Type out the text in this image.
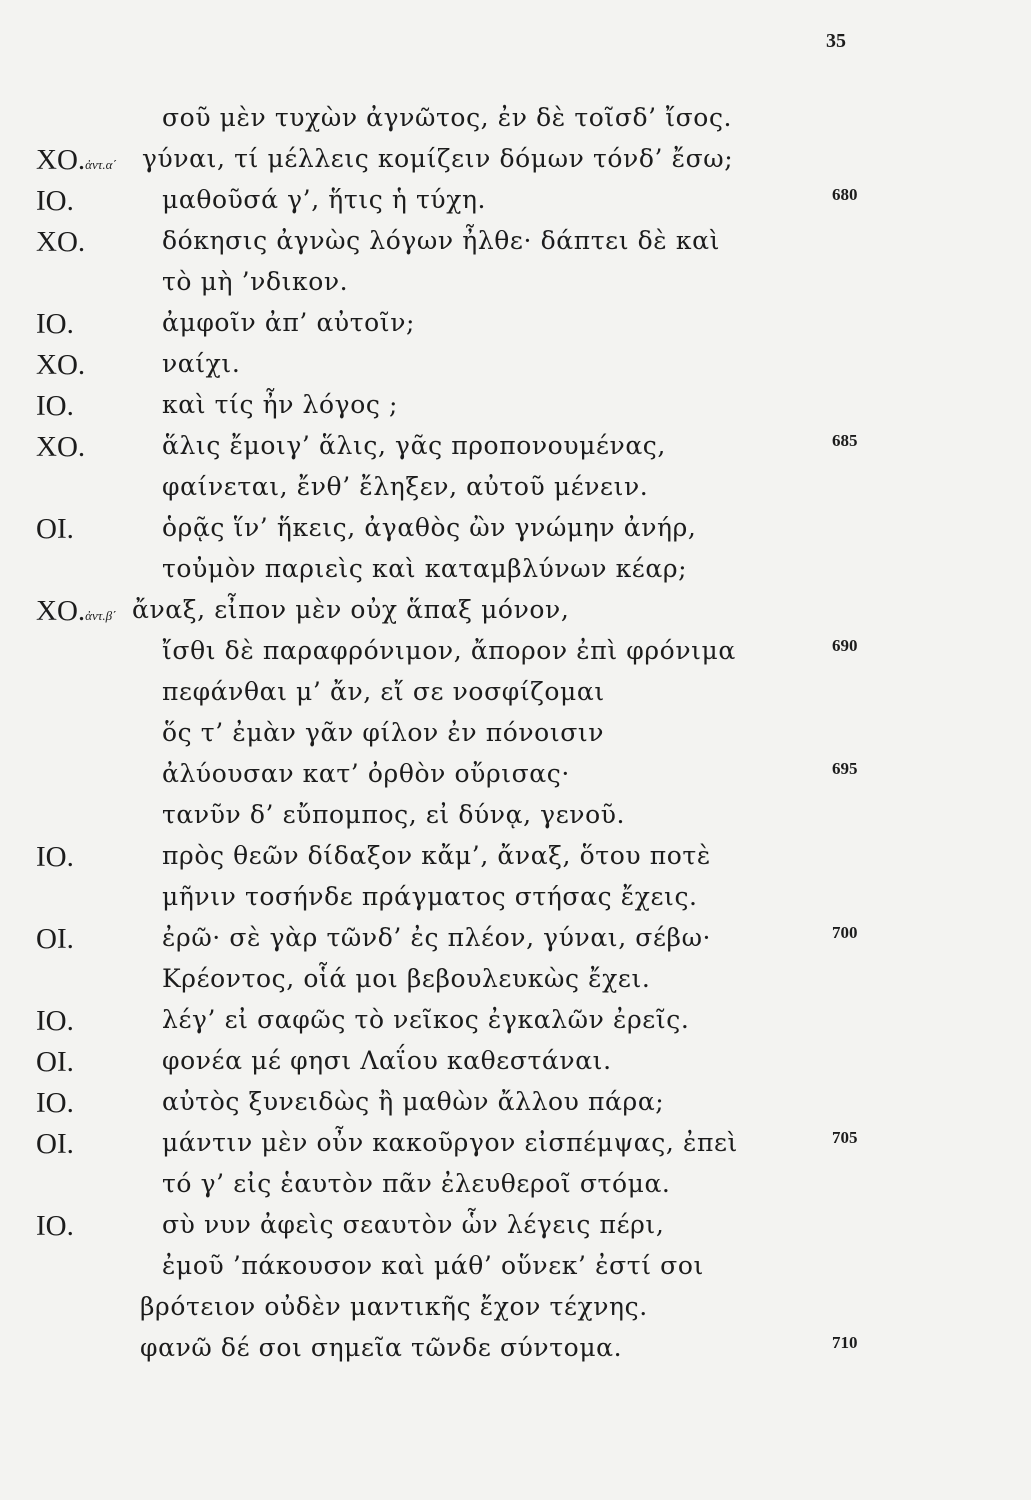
35
σοῦ μὲν τυχὼν ἀγνῶτος, ἐν δὲ τοῖσδ’ ἴσος.
ΧΟ.ἀντ.α΄ γύναι, τί μέλλεις κομίζειν δόμων τόνδ’ ἔσω;
ΙΟ.	μαθοῦσά γ’, ἥτις ἡ τύχη.	680
ΧΟ.	δόκησις ἀγνὼς λόγων ἦλθε· δάπτει δὲ καὶ
τὸ μὴ ’νδικον.
ΙΟ.	ἀμφοῖν ἀπ’ αὐτοῖν;
ΧΟ.	ναίχι.
ΙΟ.	καὶ τίς ἦν λόγος ;
ΧΟ.	ἅλις ἔμοιγ’ ἅλις, γᾶς προπονουμένας,	685
φαίνεται, ἔνθ’ ἔληξεν, αὐτοῦ μένειν.
ΟΙ.	ὁρᾷς ἵν’ ἥκεις, ἀγαθὸς ὢν γνώμην ἀνήρ,
τοὐμὸν παριεὶς καὶ καταμβλύνων κέαρ;
ΧΟ.ἀντ.β΄ ἄναξ, εἶπον μὲν οὐχ ἅπαξ μόνον,
ἴσθι δὲ παραφρόνιμον, ἄπορον ἐπὶ φρόνιμα	690
πεφάνθαι μ’ ἄν, εἴ σε νοσφίζομαι
ὅς τ’ ἐμὰν γᾶν φίλον ἐν πόνοισιν
ἀλύουσαν κατ’ ὀρθὸν οὔρισας·	695
τανῦν δ’ εὔπομπος, εἰ δύνᾳ, γενοῦ.
ΙΟ.	πρὸς θεῶν δίδαξον κἄμ’, ἄναξ, ὅτου ποτὲ
μῆνιν τοσήνδε πράγματος στήσας ἔχεις.
ΟΙ.	ἐρῶ· σὲ γὰρ τῶνδ’ ἐς πλέον, γύναι, σέβω·	700
Κρέοντος, οἷά μοι βεβουλευκὼς ἔχει.
ΙΟ.	λέγ’ εἰ σαφῶς τὸ νεῖκος ἐγκαλῶν ἐρεῖς.
ΟΙ.	φονέα μέ φησι Λαΐου καθεστάναι.
ΙΟ.	αὐτὸς ξυνειδὼς ἢ μαθὼν ἄλλου πάρα;
ΟΙ.	μάντιν μὲν οὖν κακοῦργον εἰσπέμψας, ἐπεὶ	705
τό γ’ εἰς ἑαυτὸν πᾶν ἐλευθεροῖ στόμα.
ΙΟ.	σὺ νυν ἀφεὶς σεαυτὸν ὧν λέγεις πέρι,
ἐμοῦ ’πάκουσον καὶ μάθ’ οὕνεκ’ ἐστί σοι
βρότειον οὐδὲν μαντικῆς ἔχον τέχνης.
φανῶ δέ σοι σημεῖα τῶνδε σύντομα.	710
